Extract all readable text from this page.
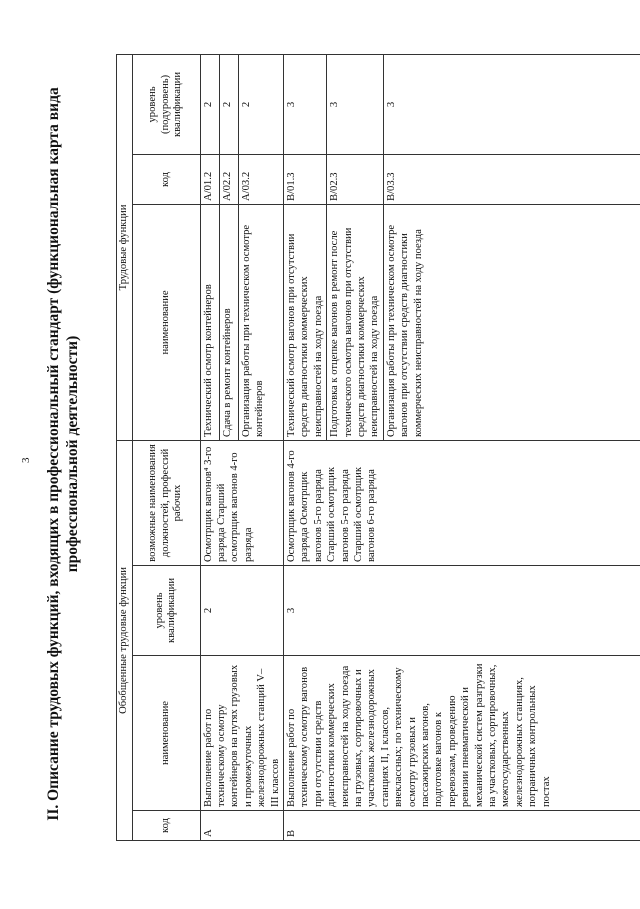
3 II. Описание трудовых функций, входящих в профессиональный стандарт (функциональная карта вида профессиональной деятельности)
Обобщенные трудовые функции				Трудовые функции		
код	наименование	уровень квалификации	возможные наименования должностей, профессий рабочих	наименование	код	уровень (подуровень) квалификации
А	Выполнение работ по техническому осмотру контейнеров на путях грузовых и промежуточных железнодорожных станций V–III классов	2	Осмотрщик вагонов⁴ 3-го разряда Старший осмотрщик вагонов 4-го разряда	Технический осмотр контейнеров	A/01.2	2
				Сдача в ремонт контейнеров	A/02.2	2
				Организация работы при техническом осмотре контейнеров	A/03.2	2
В	Выполнение работ по техническому осмотру вагонов при отсутствии средств диагностики коммерческих неисправностей на ходу поезда на грузовых, сортировочных и участковых железнодорожных станциях II, I классов, внеклассных; по техническому осмотру грузовых и пассажирских вагонов, подготовке вагонов к перевозкам, проведению ревизии пневматической и механической систем разгрузки на участковых, сортировочных, межгосударственных железнодорожных станциях, пограничных контрольных постах	3	Осмотрщик вагонов 4-го разряда Осмотрщик вагонов 5-го разряда Старший осмотрщик вагонов 5-го разряда Старший осмотрщик вагонов 6-го разряда	Технический осмотр вагонов при отсутствии средств диагностики коммерческих неисправностей на ходу поезда	B/01.3	3
				Подготовка к отцепке вагонов в ремонт после технического осмотра вагонов при отсутствии средств диагностики коммерческих неисправностей на ходу поезда	B/02.3	3
				Организация работы при техническом осмотре вагонов при отсутствии средств диагностики коммерческих неисправностей на ходу поезда	B/03.3	3
